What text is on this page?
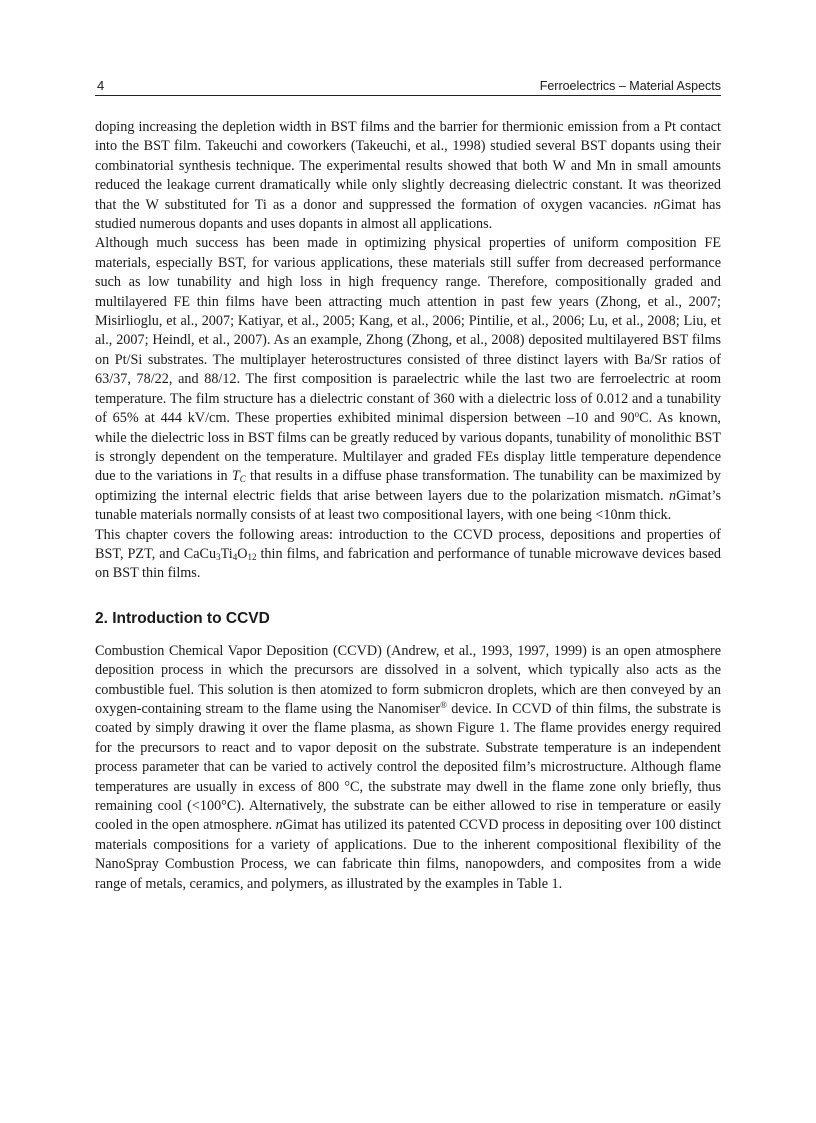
4	Ferroelectrics – Material Aspects

doping increasing the depletion width in BST films and the barrier for thermionic emission from a Pt contact into the BST film. Takeuchi and coworkers (Takeuchi, et al., 1998) studied several BST dopants using their combinatorial synthesis technique. The experimental results showed that both W and Mn in small amounts reduced the leakage current dramatically while only slightly decreasing dielectric constant. It was theorized that the W substituted for Ti as a donor and suppressed the formation of oxygen vacancies. nGimat has studied numerous dopants and uses dopants in almost all applications.

Although much success has been made in optimizing physical properties of uniform composition FE materials, especially BST, for various applications, these materials still suffer from decreased performance such as low tunability and high loss in high frequency range. Therefore, compositionally graded and multilayered FE thin films have been attracting much attention in past few years (Zhong, et al., 2007; Misirlioglu, et al., 2007; Katiyar, et al., 2005; Kang, et al., 2006; Pintilie, et al., 2006; Lu, et al., 2008; Liu, et al., 2007; Heindl, et al., 2007). As an example, Zhong (Zhong, et al., 2008) deposited multilayered BST films on Pt/Si substrates. The multiplayer heterostructures consisted of three distinct layers with Ba/Sr ratios of 63/37, 78/22, and 88/12. The first composition is paraelectric while the last two are ferroelectric at room temperature. The film structure has a dielectric constant of 360 with a dielectric loss of 0.012 and a tunability of 65% at 444 kV/cm. These properties exhibited minimal dispersion between –10 and 90$^o$C. As known, while the dielectric loss in BST films can be greatly reduced by various dopants, tunability of monolithic BST is strongly dependent on the temperature. Multilayer and graded FEs display little temperature dependence due to the variations in $T_C$ that results in a diffuse phase transformation. The tunability can be maximized by optimizing the internal electric fields that arise between layers due to the polarization mismatch. nGimat’s tunable materials normally consists of at least two compositional layers, with one being <10nm thick.

This chapter covers the following areas: introduction to the CCVD process, depositions and properties of BST, PZT, and $CaCu_3Ti_4O_{12}$ thin films, and fabrication and performance of tunable microwave devices based on BST thin films.

2. Introduction to CCVD

Combustion Chemical Vapor Deposition (CCVD) (Andrew, et al., 1993, 1997, 1999) is an open atmosphere deposition process in which the precursors are dissolved in a solvent, which typically also acts as the combustible fuel. This solution is then atomized to form submicron droplets, which are then conveyed by an oxygen-containing stream to the flame using the Nanomiser® device. In CCVD of thin films, the substrate is coated by simply drawing it over the flame plasma, as shown Figure 1. The flame provides energy required for the precursors to react and to vapor deposit on the substrate. Substrate temperature is an independent process parameter that can be varied to actively control the deposited film’s microstructure. Although flame temperatures are usually in excess of 800 °C, the substrate may dwell in the flame zone only briefly, thus remaining cool (<100°C). Alternatively, the substrate can be either allowed to rise in temperature or easily cooled in the open atmosphere. nGimat has utilized its patented CCVD process in depositing over 100 distinct materials compositions for a variety of applications. Due to the inherent compositional flexibility of the NanoSpray Combustion Process, we can fabricate thin films, nanopowders, and composites from a wide range of metals, ceramics, and polymers, as illustrated by the examples in Table 1.
